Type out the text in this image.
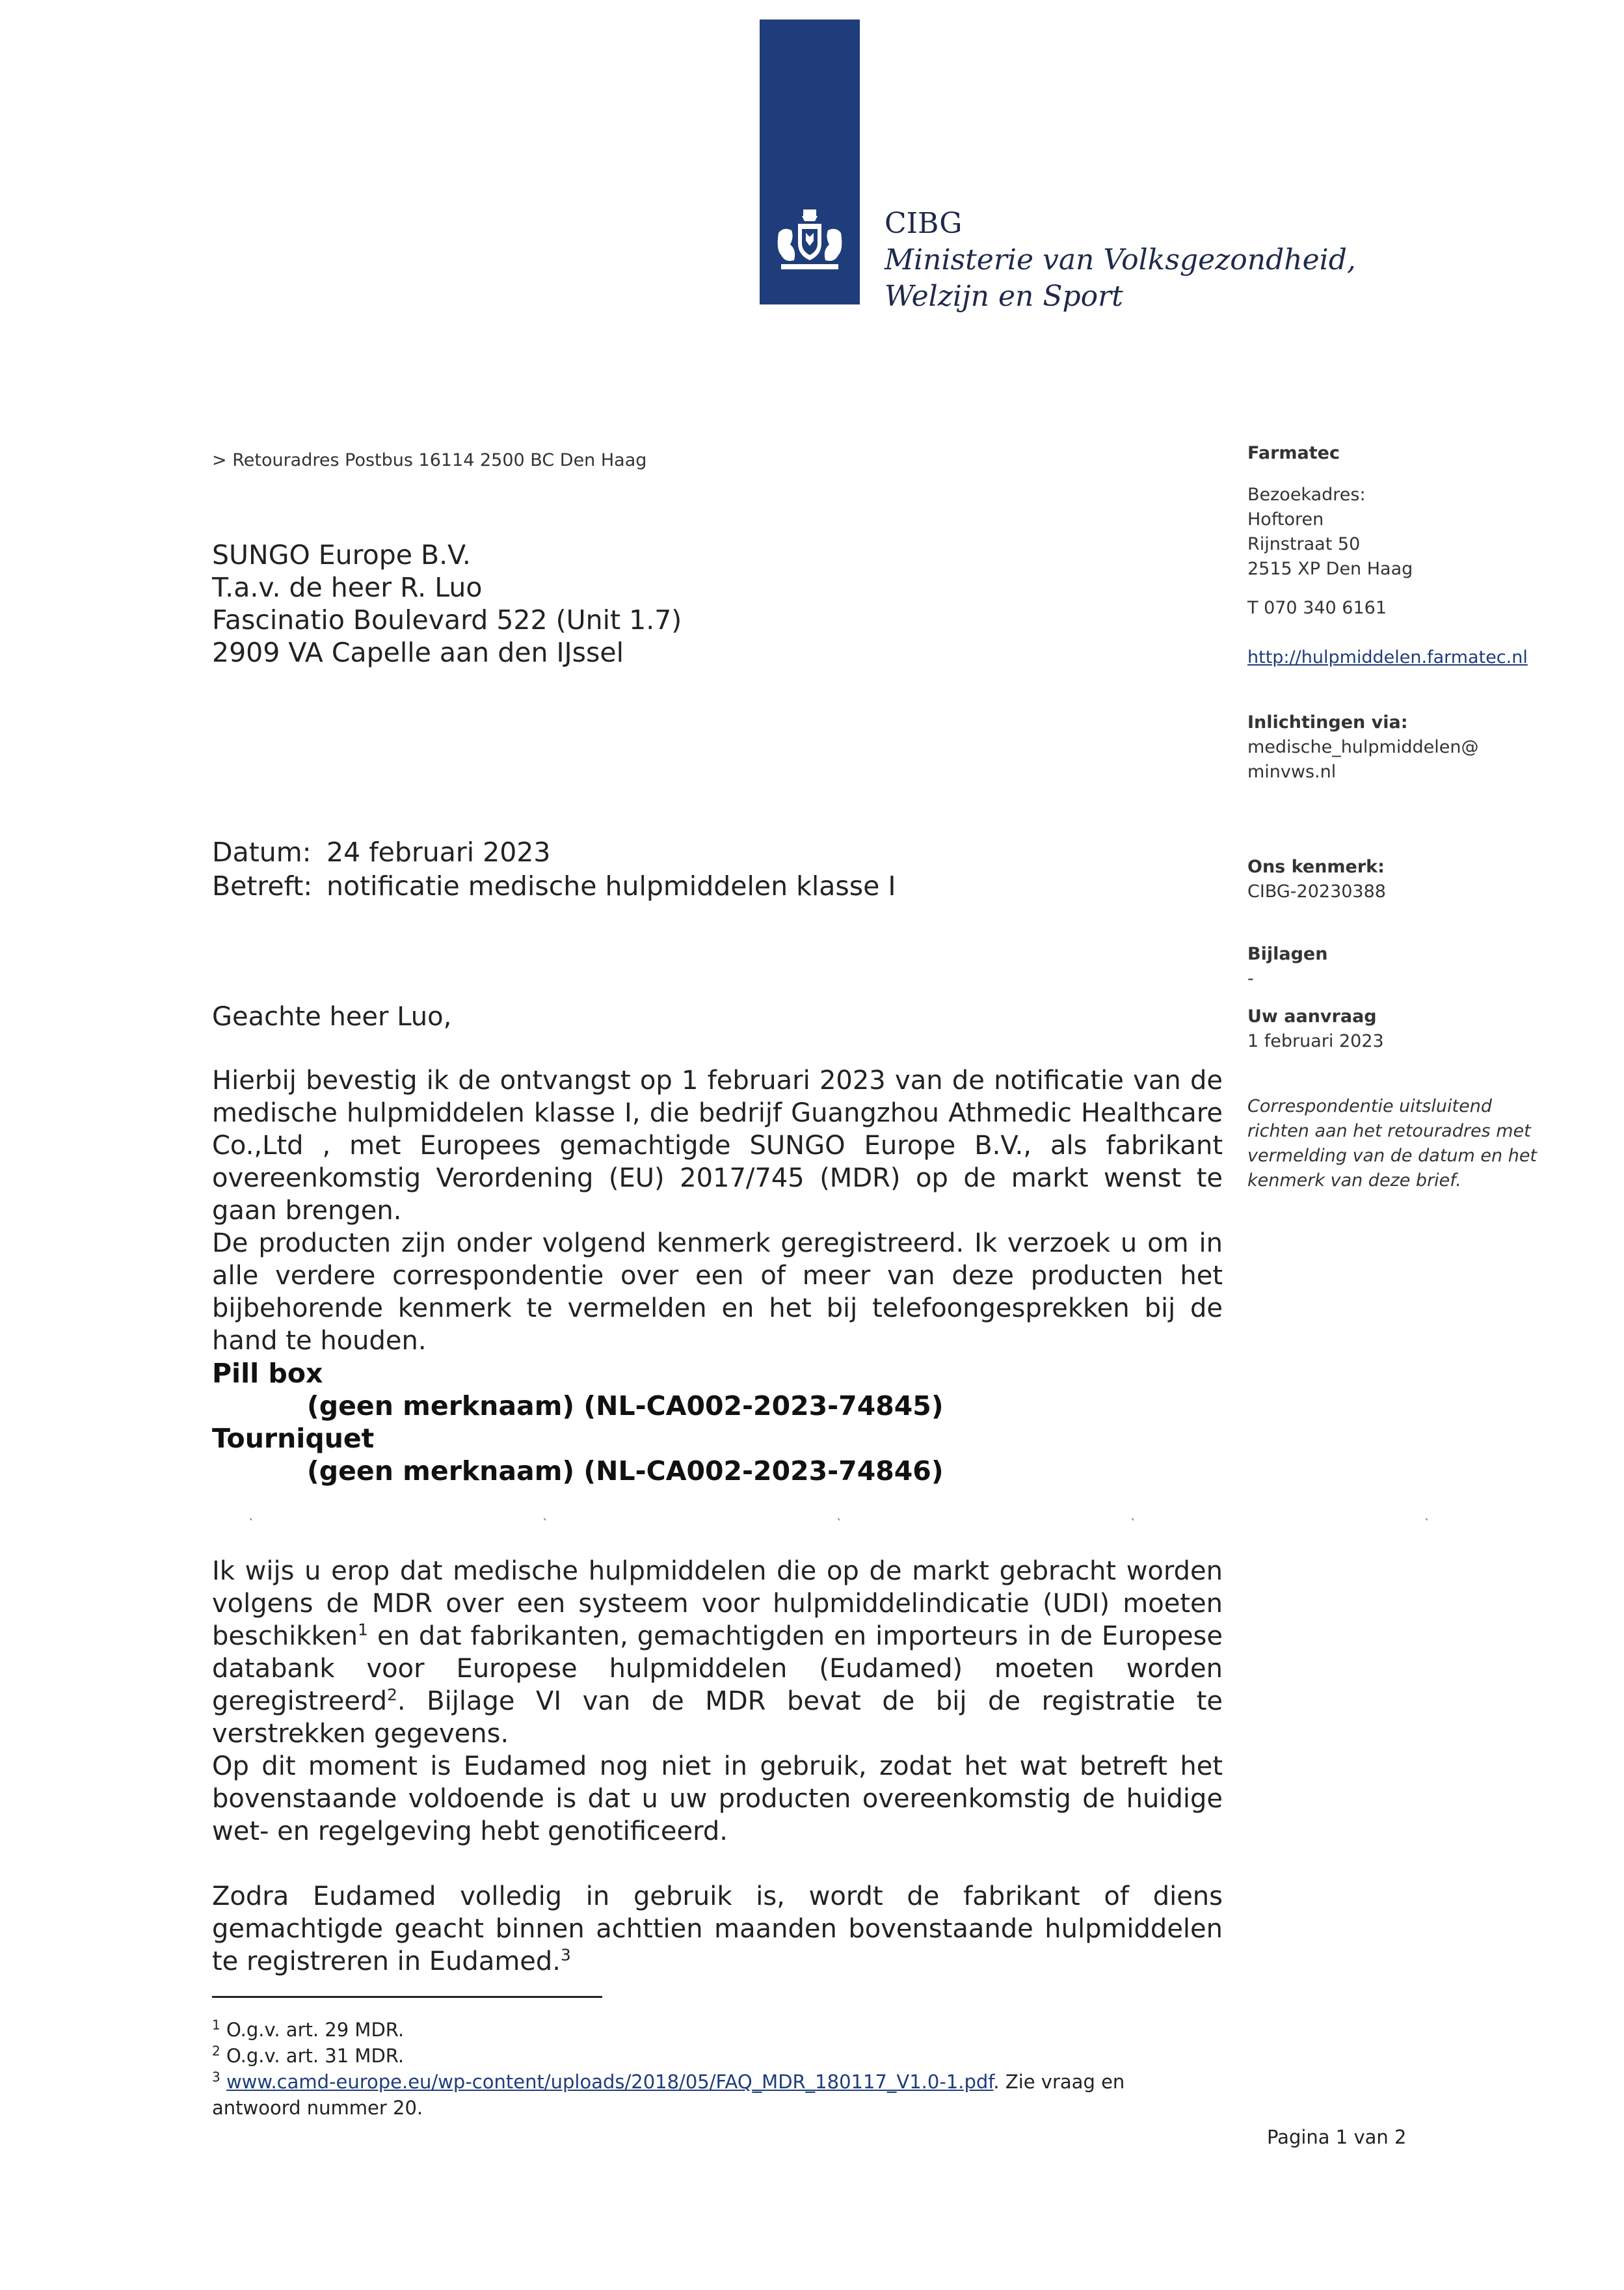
CIBG
Ministerie van Volksgezondheid,
Welzijn en Sport
> Retouradres Postbus 16114 2500 BC Den Haag
SUNGO Europe B.V.
T.a.v. de heer R. Luo
Fascinatio Boulevard 522 (Unit 1.7)
2909 VA Capelle aan den IJssel
Farmatec
Bezoekadres:
Hoftoren
Rijnstraat 50
2515 XP Den Haag
T 070 340 6161
http://hulpmiddelen.farmatec.nl
Inlichtingen via:
medische_hulpmiddelen@
minvws.nl
Ons kenmerk:
CIBG-20230388
Bijlagen
-
Uw aanvraag
1 februari 2023
Correspondentie uitsluitend
richten aan het retouradres met
vermelding van de datum en het
kenmerk van deze brief.
Datum: 24 februari 2023
Betreft: notificatie medische hulpmiddelen klasse I
Geachte heer Luo,
Hierbij bevestig ik de ontvangst op 1 februari 2023 van de notificatie van de medische hulpmiddelen klasse I, die bedrijf Guangzhou Athmedic Healthcare Co.,Ltd , met Europees gemachtigde SUNGO Europe B.V., als fabrikant overeenkomstig Verordening (EU) 2017/745 (MDR) op de markt wenst te gaan brengen.
De producten zijn onder volgend kenmerk geregistreerd. Ik verzoek u om in alle verdere correspondentie over een of meer van deze producten het bijbehorende kenmerk te vermelden en het bij telefoongesprekken bij de hand te houden.
Pill box
(geen merknaam) (NL-CA002-2023-74845)
Tourniquet
(geen merknaam) (NL-CA002-2023-74846)
`	`	`	`	`
Ik wijs u erop dat medische hulpmiddelen die op de markt gebracht worden volgens de MDR over een systeem voor hulpmiddelindicatie (UDI) moeten beschikken$^1$ en dat fabrikanten, gemachtigden en importeurs in de Europese databank voor Europese hulpmiddelen (Eudamed) moeten worden geregistreerd$^2$. Bijlage VI van de MDR bevat de bij de registratie te verstrekken gegevens.
Op dit moment is Eudamed nog niet in gebruik, zodat het wat betreft het bovenstaande voldoende is dat u uw producten overeenkomstig de huidige wet- en regelgeving hebt genotificeerd.
Zodra Eudamed volledig in gebruik is, wordt de fabrikant of diens gemachtigde geacht binnen achttien maanden bovenstaande hulpmiddelen te registreren in Eudamed.$^3$
$^1$ O.g.v. art. 29 MDR.
$^2$ O.g.v. art. 31 MDR.
$^3$ www.camd-europe.eu/wp-content/uploads/2018/05/FAQ_MDR_180117_V1.0-1.pdf. Zie vraag en
antwoord nummer 20.
Pagina 1 van 2
